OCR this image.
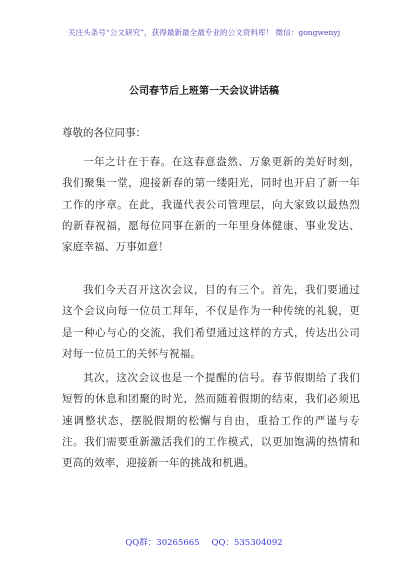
关注头条号“公文研究”，获得最新最全最专业的公文资料库！ 微信：gongwenyj
公司春节后上班第一天会议讲话稿
尊敬的各位同事：

一年之计在于春。在这春意盎然、万象更新的美好时刻，我们聚集一堂，迎接新春的第一缕阳光，同时也开启了新一年工作的序章。在此，我谨代表公司管理层，向大家致以最热烈的新春祝福，愿每位同事在新的一年里身体健康、事业发达、家庭幸福、万事如意！

我们今天召开这次会议，目的有三个。首先，我们要通过这个会议向每一位员工拜年，不仅是作为一种传统的礼貌，更是一种心与心的交流，我们希望通过这样的方式，传达出公司对每一位员工的关怀与祝福。

其次，这次会议也是一个提醒的信号。春节假期给了我们短暂的休息和团聚的时光，然而随着假期的结束，我们必须迅速调整状态，摆脱假期的松懈与自由，重拾工作的严谨与专注。我们需要重新激活我们的工作模式，以更加饱满的热情和更高的效率，迎接新一年的挑战和机遇。

QQ群：30265665 QQ：535304092
